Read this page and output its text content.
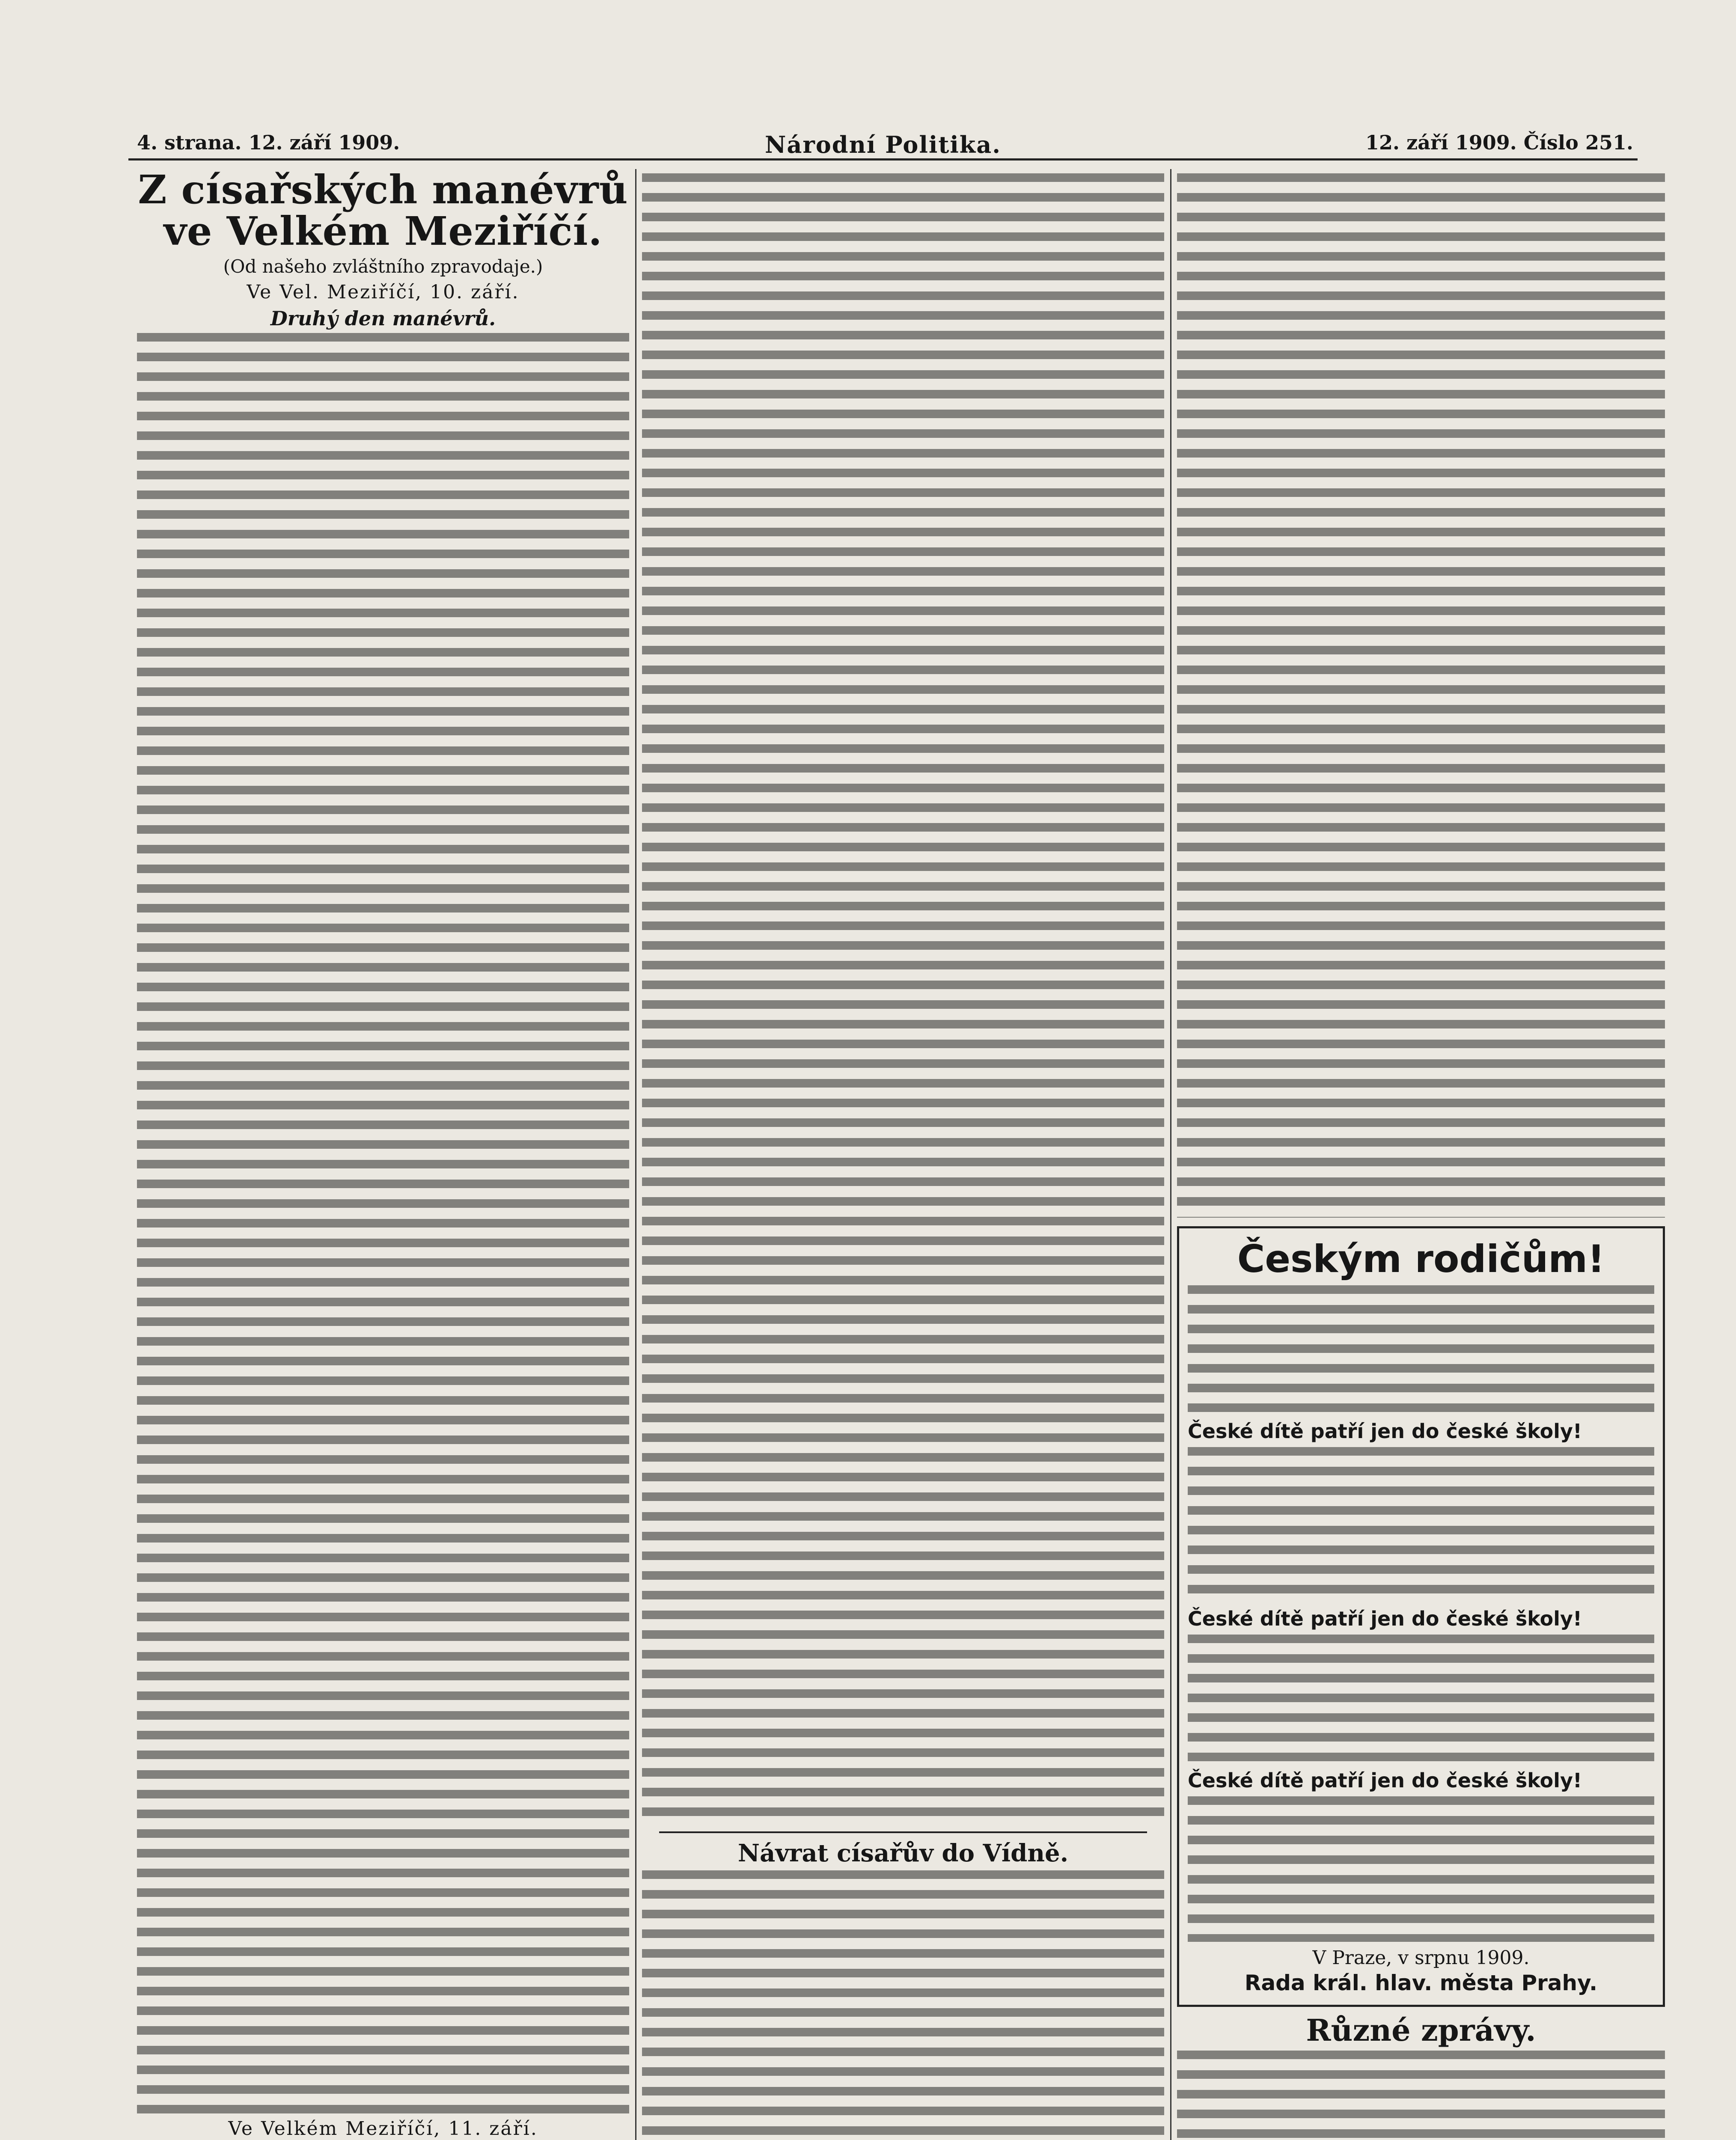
4. strana. 12. září 1909.	Národní Politika.	12. září 1909. Číslo 251.
Z císařských manévrů ve Velkém Meziříčí.

(Od našeho zvláštního zpravodaje.)

Ve Vel. Meziříčí, 10. září.

Druhý den manévrů.

Ve Velkém Meziříčí, 11. září.

Návrat císařův do Vídně.
Českým rodičům!
České dítě patří jen do české školy!
České dítě patří jen do české školy!
České dítě patří jen do české školy!
V Praze, v srpnu 1909.
Rada král. hlav. města Prahy.
Různé zprávy.
